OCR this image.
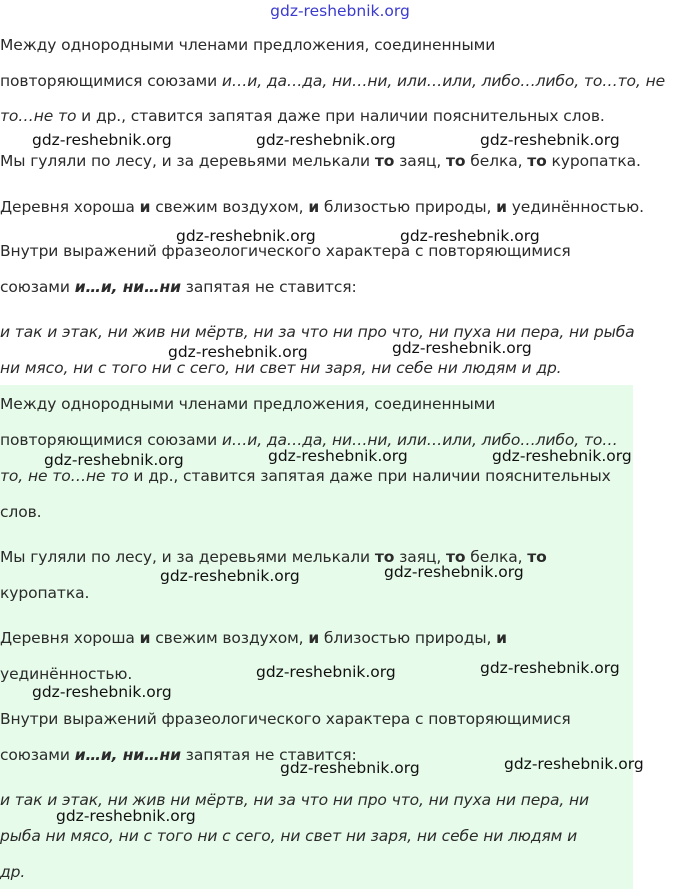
gdz-reshebnik.org

Между однородными членами предложения, соединенными

повторяющимися союзами и…и, да…да, ни…ни, или…или, либо…либо, то…то, не

то…не то и др., ставится запятая даже при наличии пояснительных слов.

Мы гуляли по лесу, и за деревьями мелькали то заяц, то белка, то куропатка.

Деревня хороша и свежим воздухом, и близостью природы, и уединённостью.

Внутри выражений фразеологического характера с повторяющимися

союзами и…и, ни…ни запятая не ставится:

и так и этак, ни жив ни мёртв, ни за что ни про что, ни пуха ни пера, ни рыба

ни мясо, ни с того ни с сего, ни свет ни заря, ни себе ни людям и др.

Между однородными членами предложения, соединенными

повторяющимися союзами и…и, да…да, ни…ни, или…или, либо…либо, то…

то, не то…не то и др., ставится запятая даже при наличии пояснительных

слов.

Мы гуляли по лесу, и за деревьями мелькали то заяц, то белка, то

куропатка.

Деревня хороша и свежим воздухом, и близостью природы, и

уединённостью.

Внутри выражений фразеологического характера с повторяющимися

союзами и…и, ни…ни запятая не ставится:

и так и этак, ни жив ни мёртв, ни за что ни про что, ни пуха ни пера, ни

рыба ни мясо, ни с того ни с сего, ни свет ни заря, ни себе ни людям и

др.

gdz-reshebnik.org	gdz-reshebnik.org	gdz-reshebnik.org

gdz-reshebnik.org	gdz-reshebnik.org

gdz-reshebnik.org	gdz-reshebnik.org

gdz-reshebnik.org	gdz-reshebnik.org	gdz-reshebnik.org

gdz-reshebnik.org	gdz-reshebnik.org

gdz-reshebnik.org	gdz-reshebnik.org

gdz-reshebnik.org

gdz-reshebnik.org	gdz-reshebnik.org

gdz-reshebnik.org
